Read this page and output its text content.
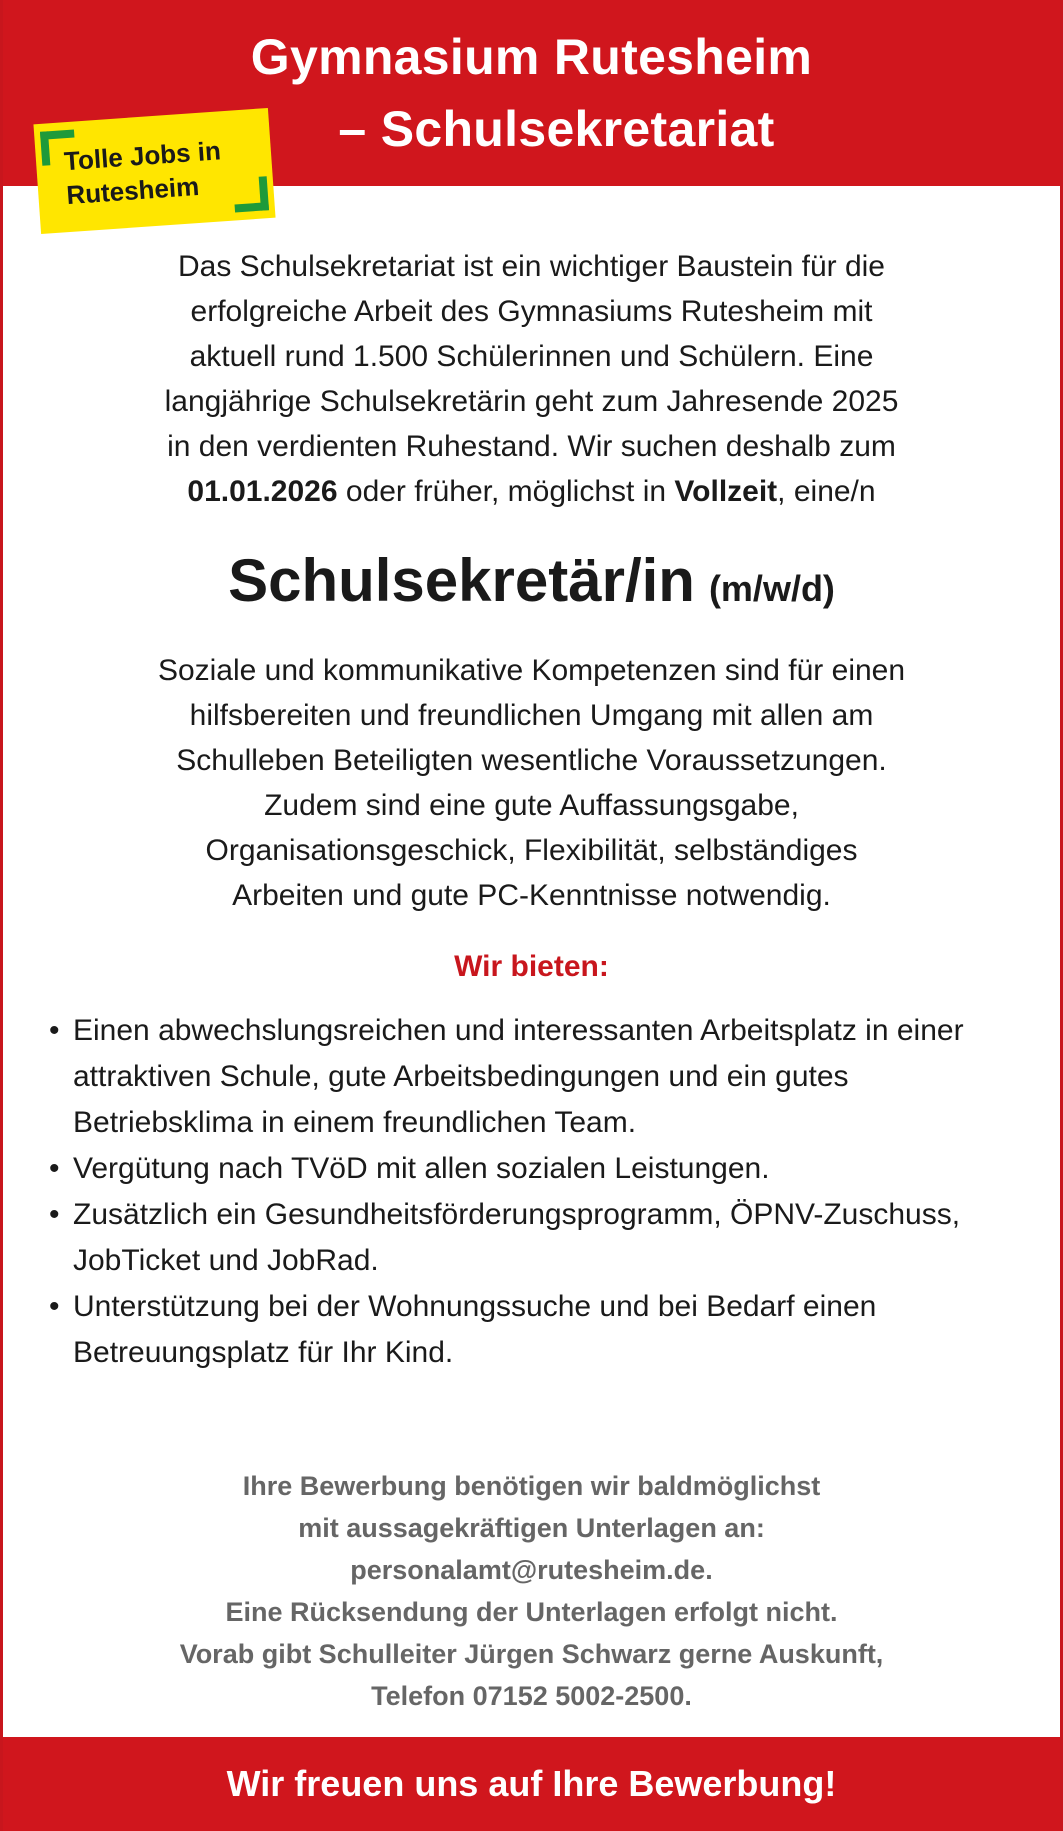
Gymnasium Rutesheim
– Schulsekretariat
Tolle Jobs in
Rutesheim
Das Schulsekretariat ist ein wichtiger Baustein für die
erfolgreiche Arbeit des Gymnasiums Rutesheim mit
aktuell rund 1.500 Schülerinnen und Schülern. Eine
langjährige Schulsekretärin geht zum Jahresende 2025
in den verdienten Ruhestand. Wir suchen deshalb zum
01.01.2026 oder früher, möglichst in Vollzeit, eine/n
Schulsekretär/in (m/w/d)
Soziale und kommunikative Kompetenzen sind für einen
hilfsbereiten und freundlichen Umgang mit allen am
Schulleben Beteiligten wesentliche Voraussetzungen.
Zudem sind eine gute Auffassungsgabe,
Organisationsgeschick, Flexibilität, selbständiges
Arbeiten und gute PC-Kenntnisse notwendig.
Wir bieten:
• Einen abwechslungsreichen und interessanten Arbeitsplatz in einer attraktiven Schule, gute Arbeitsbedingungen und ein gutes Betriebsklima in einem freundlichen Team.
• Vergütung nach TVöD mit allen sozialen Leistungen.
• Zusätzlich ein Gesundheitsförderungsprogramm, ÖPNV-Zuschuss, JobTicket und JobRad.
• Unterstützung bei der Wohnungssuche und bei Bedarf einen Betreuungsplatz für Ihr Kind.
Ihre Bewerbung benötigen wir baldmöglichst
mit aussagekräftigen Unterlagen an:
personalamt@rutesheim.de.
Eine Rücksendung der Unterlagen erfolgt nicht.
Vorab gibt Schulleiter Jürgen Schwarz gerne Auskunft,
Telefon 07152 5002-2500.
Wir freuen uns auf Ihre Bewerbung!
